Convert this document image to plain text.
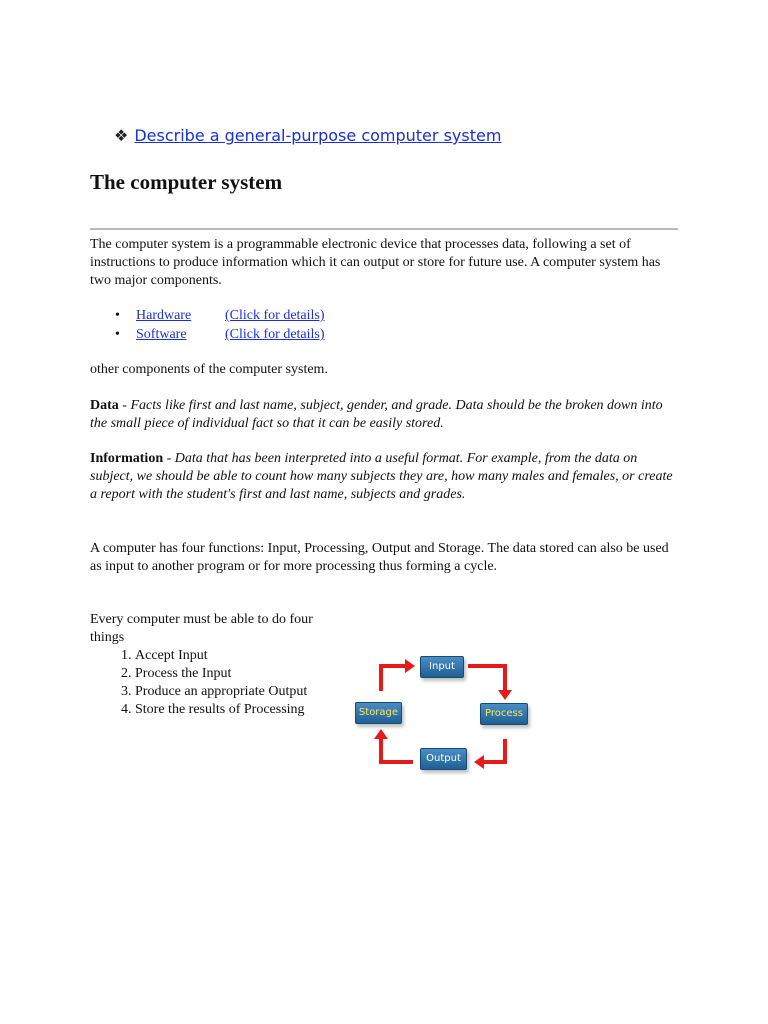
❖ Describe a general-purpose computer system
The computer system

The computer system is a programmable electronic device that processes data, following a set of instructions to produce information which it can output or store for future use. A computer system has two major components.

• Hardware (Click for details)
• Software	(Click for details)

other components of the computer system.

Data - Facts like first and last name, subject, gender, and grade. Data should be the broken down into the small piece of individual fact so that it can be easily stored.

Information - Data that has been interpreted into a useful format. For example, from the data on subject, we should be able to count how many subjects they are, how many males and females, or create a report with the student's first and last name, subjects and grades.

A computer has four functions: Input, Processing, Output and Storage. The data stored can also be used as input to another program or for more processing thus forming a cycle.

Every computer must be able to do four things

1. Accept Input
2. Process the Input
3. Produce an appropriate Output
4. Store the results of Processing
Input
Process
Output
Storage
